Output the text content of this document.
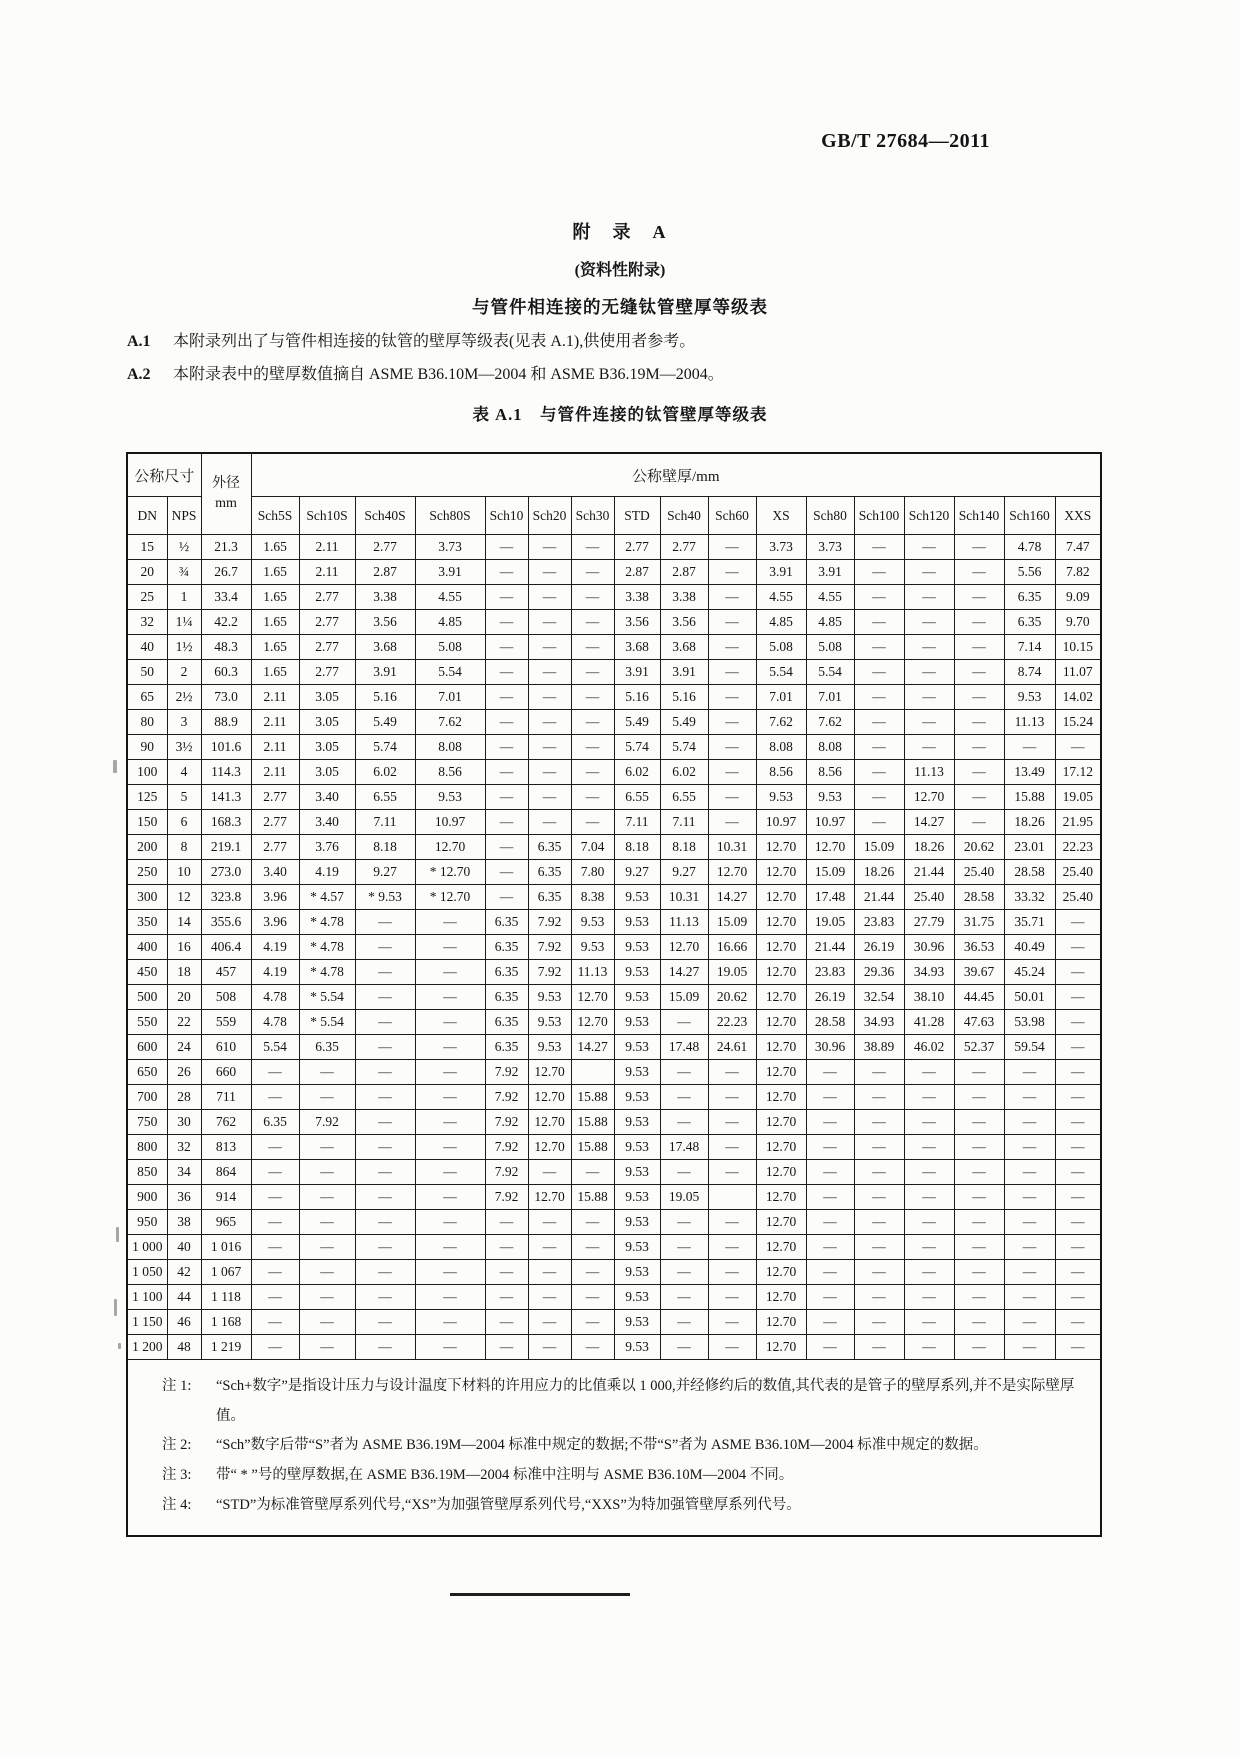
GB/T 27684—2011
附　录　A
(资料性附录)
与管件相连接的无缝钛管壁厚等级表
A.1	本附录列出了与管件相连接的钛管的壁厚等级表(见表 A.1),供使用者参考。
A.2	本附录表中的壁厚数值摘自 ASME B36.10M—2004 和 ASME B36.19M—2004。
表 A.1　与管件连接的钛管壁厚等级表
公称尺寸		外径
mm	公称壁厚/mm																
DN	NPS		Sch5S	Sch10S	Sch40S	Sch80S	Sch10	Sch20	Sch30	STD	Sch40	Sch60	XS	Sch80	Sch100	Sch120	Sch140	Sch160	XXS
15	½	21.3	1.65	2.11	2.77	3.73	—	—	—	2.77	2.77	—	3.73	3.73	—	—	—	4.78	7.47
20	¾	26.7	1.65	2.11	2.87	3.91	—	—	—	2.87	2.87	—	3.91	3.91	—	—	—	5.56	7.82
25	1	33.4	1.65	2.77	3.38	4.55	—	—	—	3.38	3.38	—	4.55	4.55	—	—	—	6.35	9.09
32	1¼	42.2	1.65	2.77	3.56	4.85	—	—	—	3.56	3.56	—	4.85	4.85	—	—	—	6.35	9.70
40	1½	48.3	1.65	2.77	3.68	5.08	—	—	—	3.68	3.68	—	5.08	5.08	—	—	—	7.14	10.15
50	2	60.3	1.65	2.77	3.91	5.54	—	—	—	3.91	3.91	—	5.54	5.54	—	—	—	8.74	11.07
65	2½	73.0	2.11	3.05	5.16	7.01	—	—	—	5.16	5.16	—	7.01	7.01	—	—	—	9.53	14.02
80	3	88.9	2.11	3.05	5.49	7.62	—	—	—	5.49	5.49	—	7.62	7.62	—	—	—	11.13	15.24
90	3½	101.6	2.11	3.05	5.74	8.08	—	—	—	5.74	5.74	—	8.08	8.08	—	—	—	—	—
100	4	114.3	2.11	3.05	6.02	8.56	—	—	—	6.02	6.02	—	8.56	8.56	—	11.13	—	13.49	17.12
125	5	141.3	2.77	3.40	6.55	9.53	—	—	—	6.55	6.55	—	9.53	9.53	—	12.70	—	15.88	19.05
150	6	168.3	2.77	3.40	7.11	10.97	—	—	—	7.11	7.11	—	10.97	10.97	—	14.27	—	18.26	21.95
200	8	219.1	2.77	3.76	8.18	12.70	—	6.35	7.04	8.18	8.18	10.31	12.70	12.70	15.09	18.26	20.62	23.01	22.23
250	10	273.0	3.40	4.19	9.27	* 12.70	—	6.35	7.80	9.27	9.27	12.70	12.70	15.09	18.26	21.44	25.40	28.58	25.40
300	12	323.8	3.96	* 4.57	* 9.53	* 12.70	—	6.35	8.38	9.53	10.31	14.27	12.70	17.48	21.44	25.40	28.58	33.32	25.40
350	14	355.6	3.96	* 4.78	—	—	6.35	7.92	9.53	9.53	11.13	15.09	12.70	19.05	23.83	27.79	31.75	35.71	—
400	16	406.4	4.19	* 4.78	—	—	6.35	7.92	9.53	9.53	12.70	16.66	12.70	21.44	26.19	30.96	36.53	40.49	—
450	18	457	4.19	* 4.78	—	—	6.35	7.92	11.13	9.53	14.27	19.05	12.70	23.83	29.36	34.93	39.67	45.24	—
500	20	508	4.78	* 5.54	—	—	6.35	9.53	12.70	9.53	15.09	20.62	12.70	26.19	32.54	38.10	44.45	50.01	—
550	22	559	4.78	* 5.54	—	—	6.35	9.53	12.70	9.53	—	22.23	12.70	28.58	34.93	41.28	47.63	53.98	—
600	24	610	5.54	6.35	—	—	6.35	9.53	14.27	9.53	17.48	24.61	12.70	30.96	38.89	46.02	52.37	59.54	—
650	26	660	—	—	—	—	7.92	12.70		9.53	—	—	12.70	—	—	—	—	—	—
700	28	711	—	—	—	—	7.92	12.70	15.88	9.53	—	—	12.70	—	—	—	—	—	—
750	30	762	6.35	7.92	—	—	7.92	12.70	15.88	9.53	—	—	12.70	—	—	—	—	—	—
800	32	813	—	—	—	—	7.92	12.70	15.88	9.53	17.48	—	12.70	—	—	—	—	—	—
850	34	864	—	—	—	—	7.92	—	—	9.53	—	—	12.70	—	—	—	—	—	—
900	36	914	—	—	—	—	7.92	12.70	15.88	9.53	19.05		12.70	—	—	—	—	—	—
950	38	965	—	—	—	—	—	—	—	9.53	—	—	12.70	—	—	—	—	—	—
1 000	40	1 016	—	—	—	—	—	—	—	9.53	—	—	12.70	—	—	—	—	—	—
1 050	42	1 067	—	—	—	—	—	—	—	9.53	—	—	12.70	—	—	—	—	—	—
1 100	44	1 118	—	—	—	—	—	—	—	9.53	—	—	12.70	—	—	—	—	—	—
1 150	46	1 168	—	—	—	—	—	—	—	9.53	—	—	12.70	—	—	—	—	—	—
1 200	48	1 219	—	—	—	—	—	—	—	9.53	—	—	12.70	—	—	—	—	—	—

注 1:	“Sch+数字”是指设计压力与设计温度下材料的许用应力的比值乘以 1 000,并经修约后的数值,其代表的是管子的壁厚系列,并不是实际壁厚值。
注 2:	“Sch”数字后带“S”者为 ASME B36.19M—2004 标准中规定的数据;不带“S”者为 ASME B36.10M—2004 标准中规定的数据。
注 3:	带“ * ”号的壁厚数据,在 ASME B36.19M—2004 标准中注明与 ASME B36.10M—2004 不同。
注 4:	“STD”为标准管壁厚系列代号,“XS”为加强管壁厚系列代号,“XXS”为特加强管壁厚系列代号。
